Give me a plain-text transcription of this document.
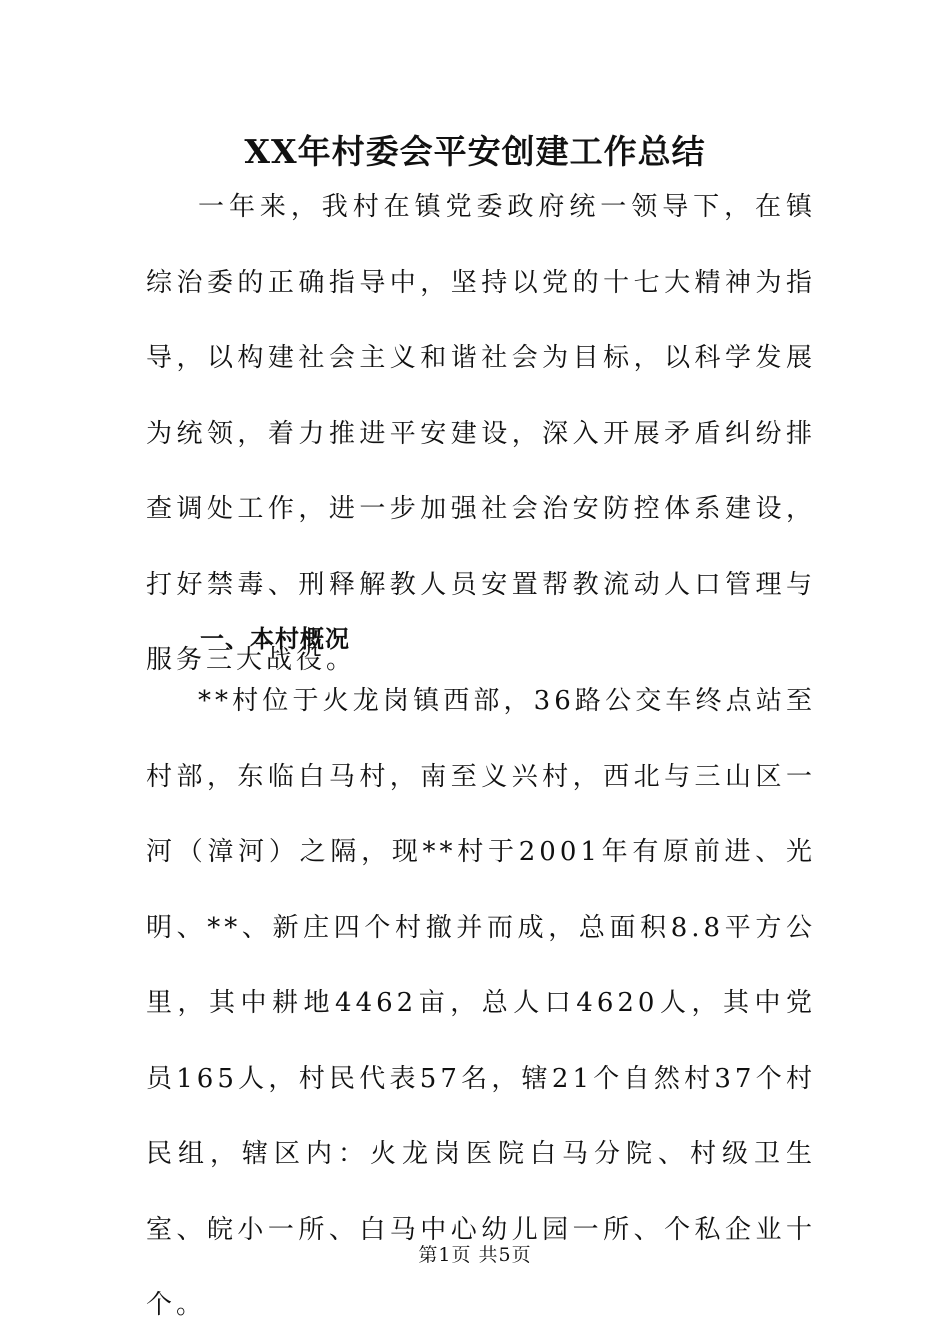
XX年村委会平安创建工作总结

一年来，我村在镇党委政府统一领导下，在镇综治委的正确指导中，坚持以党的十七大精神为指导，以构建社会主义和谐社会为目标，以科学发展为统领，着力推进平安建设，深入开展矛盾纠纷排查调处工作，进一步加强社会治安防控体系建设，打好禁毒、刑释解教人员安置帮教流动人口管理与服务三大战役。

一、本村概况

**村位于火龙岗镇西部，36路公交车终点站至村部，东临白马村，南至义兴村，西北与三山区一河（漳河）之隔，现**村于2001年有原前进、光明、**、新庄四个村撤并而成，总面积8.8平方公里，其中耕地4462亩，总人口4620人，其中党员165人，村民代表57名，辖21个自然村37个村民组，辖区内：火龙岗医院白马分院、村级卫生室、皖小一所、白马中心幼儿园一所、个私企业十个。

第1页 共5页
